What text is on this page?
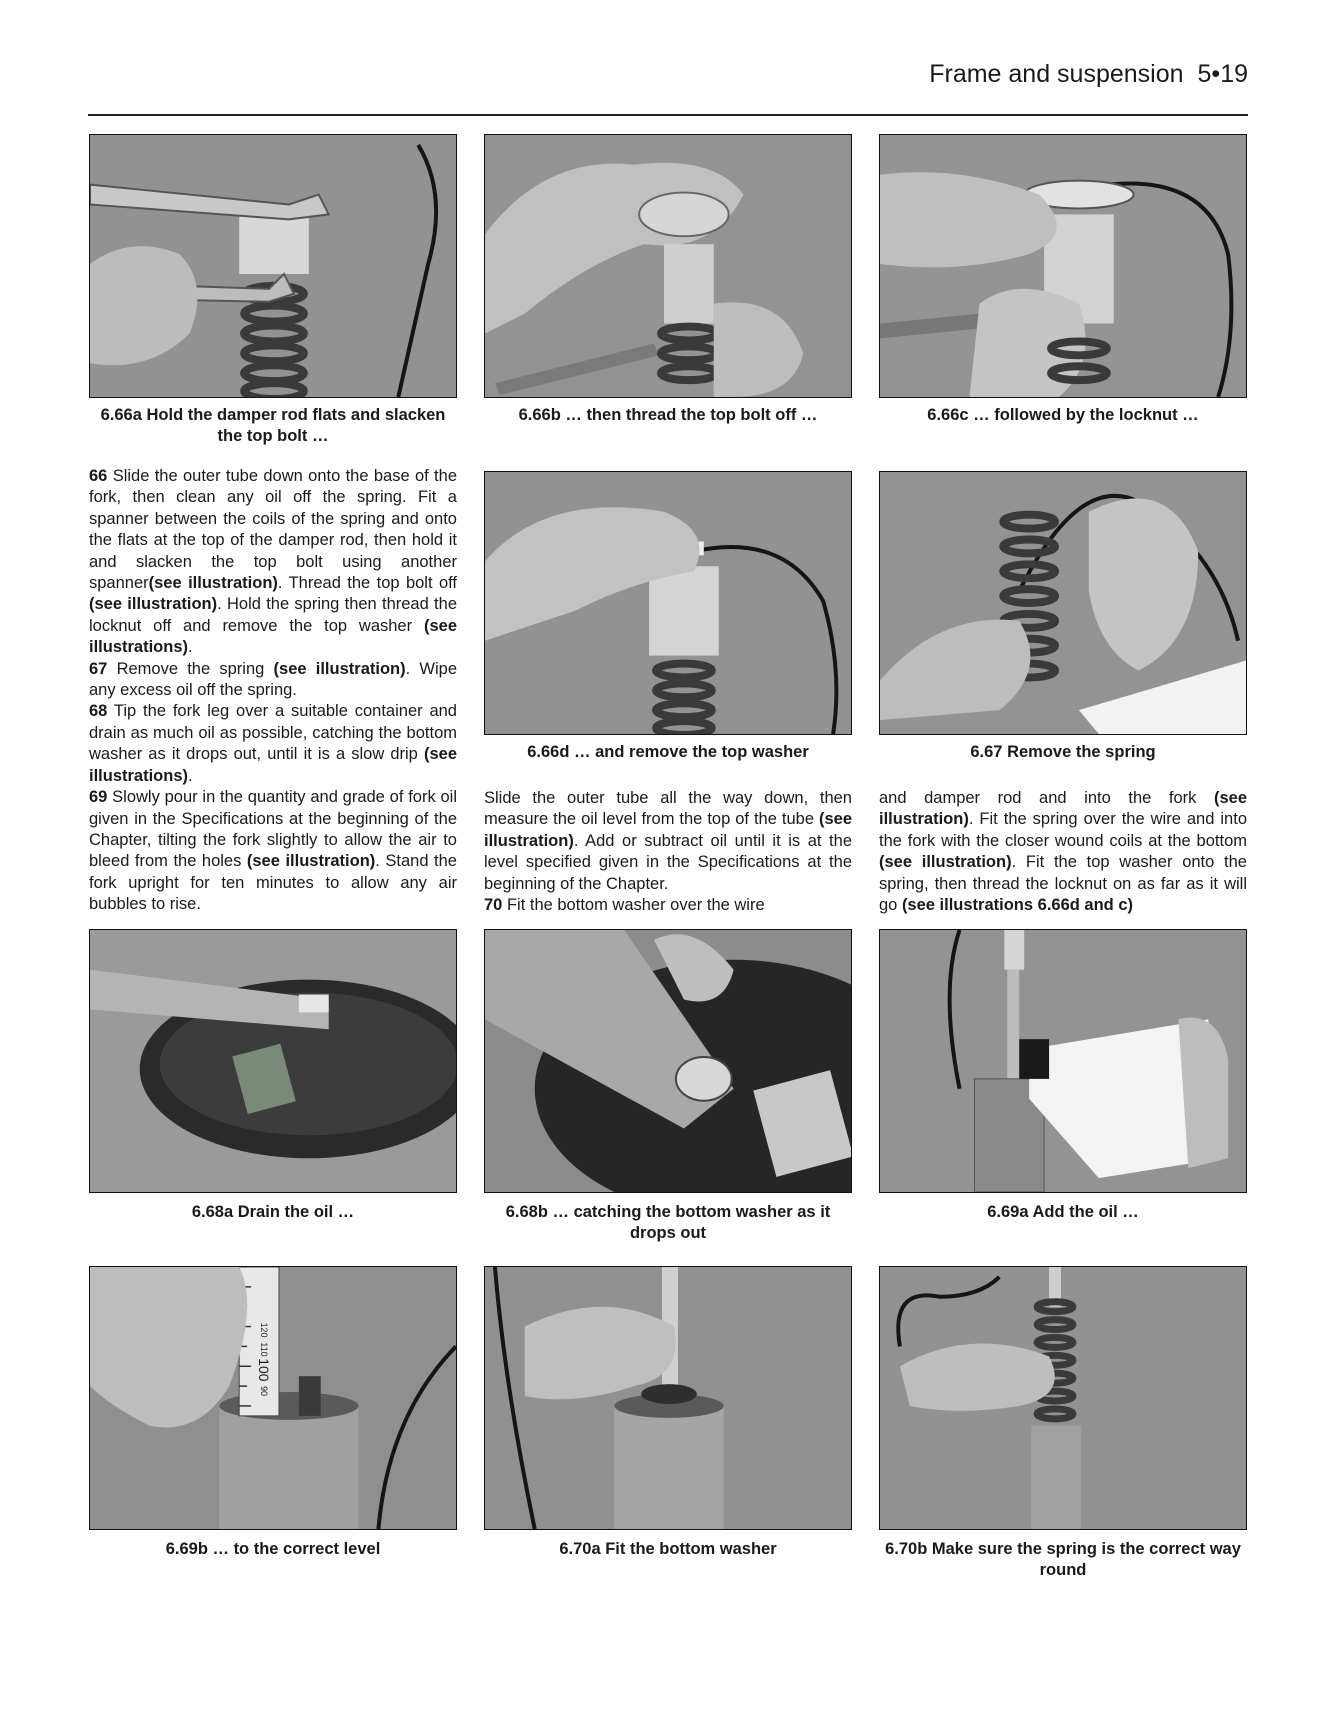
Frame and suspension 5•19
6.66a Hold the damper rod flats and slacken the top bolt …
6.66b … then thread the top bolt off …	6.66c … followed by the locknut …

66 Slide the outer tube down onto the base of the fork, then clean any oil off the spring. Fit a spanner between the coils of the spring and onto the flats at the top of the damper rod, then hold it and slacken the top bolt using another spanner(see illustration). Thread the top bolt off (see illustration). Hold the spring then thread the locknut off and remove the top washer (see illustrations).

67 Remove the spring (see illustration). Wipe any excess oil off the spring.

68 Tip the fork leg over a suitable container and drain as much oil as possible, catching the bottom washer as it drops out, until it is a slow drip (see illustrations).

69 Slowly pour in the quantity and grade of fork oil given in the Specifications at the beginning of the Chapter, tilting the fork slightly to allow the air to bleed from the holes (see illustration). Stand the fork upright for ten minutes to allow any air bubbles to rise.

6.66d … and remove the top washer	6.67 Remove the spring

Slide the outer tube all the way down, then measure the oil level from the top of the tube (see illustration). Add or subtract oil until it is at the level specified given in the Specifications at the beginning of the Chapter.

70 Fit the bottom washer over the wire

and damper rod and into the fork (see illustration). Fit the spring over the wire and into the fork with the closer wound coils at the bottom (see illustration). Fit the top washer onto the spring, then thread the locknut on as far as it will go (see illustrations 6.66d and c)

6.68a Drain the oil …	6.68b … catching the bottom washer as it drops out
6.69a Add the oil …
120
110
100
90
6.69b … to the correct level	6.70a Fit the bottom washer	6.70b Make sure the spring is the correct way round
